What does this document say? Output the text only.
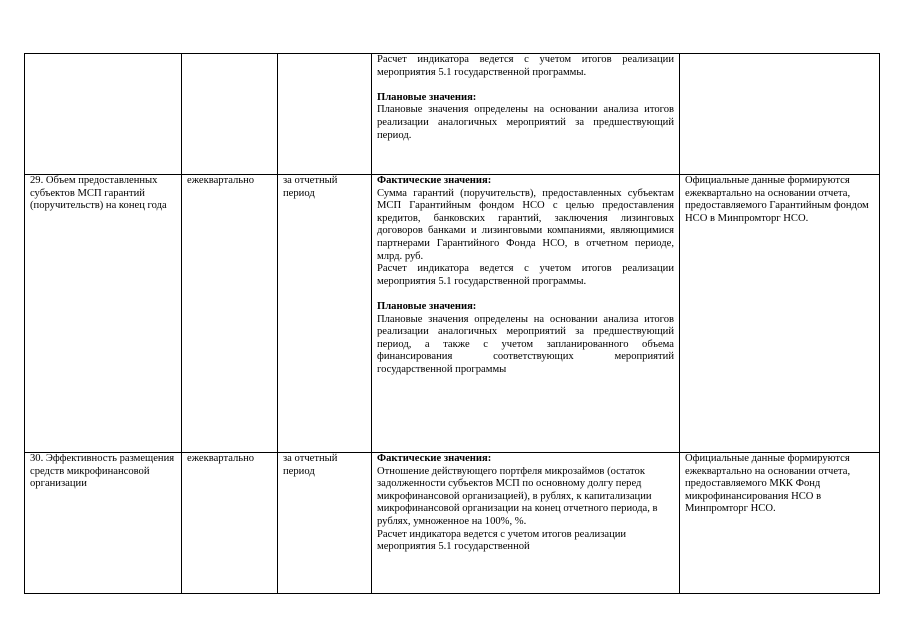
			Расчет индикатора ведется с учетом итогов реализации мероприятия 5.1 государственной программы.
Плановые значения:
Плановые значения определены на основании анализа итогов реализации аналогичных мероприятий за предшествующий период.	

29. Объем предоставленных субъектов МСП гарантий (поручительств) на конец года	ежеквартально	за отчетный период	Фактические значения:
Сумма гарантий (поручительств), предоставленных субъектам МСП Гарантийным фондом НСО с целью предоставления кредитов, банковских гарантий, заключения лизинговых договоров банками и лизинговыми компаниями, являющимися партнерами Гарантийного Фонда НСО, в отчетном периоде, млрд. руб.
Расчет индикатора ведется с учетом итогов реализации мероприятия 5.1 государственной программы.
Плановые значения:
Плановые значения определены на основании анализа итогов реализации аналогичных мероприятий за предшествующий период, а также с учетом запланированного объема финансирования соответствующих мероприятий государственной программы	Официальные данные формируются ежеквартально на основании отчета, предоставляемого Гарантийным фондом НСО в Минпромторг НСО.
30. Эффективность размещения средств микрофинансовой организации	ежеквартально	за отчетный период	Фактические значения:
Отношение действующего портфеля микрозаймов (остаток задолженности субъектов МСП по основному долгу перед микрофинансовой организацией), в рублях, к капитализации микрофинансовой организации на конец отчетного периода, в рублях, умноженное на 100%, %.
Расчет индикатора ведется с учетом итогов реализации мероприятия 5.1 государственной	Официальные данные формируются ежеквартально на основании отчета, предоставляемого МКК Фонд микрофинансирования НСО в Минпромторг НСО.
